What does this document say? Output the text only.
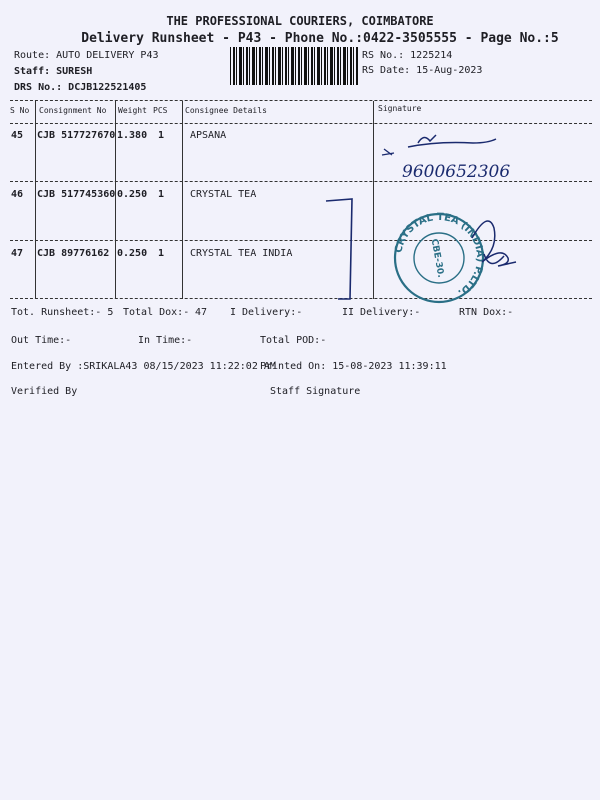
THE PROFESSIONAL COURIERS, COIMBATORE
Delivery Runsheet - P43 - Phone No.:0422-3505555 - Page No.:5
Route: AUTO DELIVERY P43
Staff: SURESH
DRS No.: DCJB122521405
RS No.: 1225214
RS Date: 15-Aug-2023
S No Consignment No Weight PCS Consignee Details	Signature
45 CJB 517727670 1.380 1	APSANA
9600652306
46 CJB 517745360 0.250 1	CRYSTAL TEA
47 CJB 89776162 0.250 1	CRYSTAL TEA INDIA	CRYSTAL TEA (INDIA) P.LTD.
CBE-30.
Tot. Runsheet:- 5 Total Dox:- 47 I Delivery:-	II Delivery:-	RTN Dox:-
Out Time:-	In Time:-	Total POD:-
Entered By :SRIKALA43 08/15/2023 11:22:02 AM
Printed On: 15-08-2023 11:39:11
Verified By	Staff Signature
